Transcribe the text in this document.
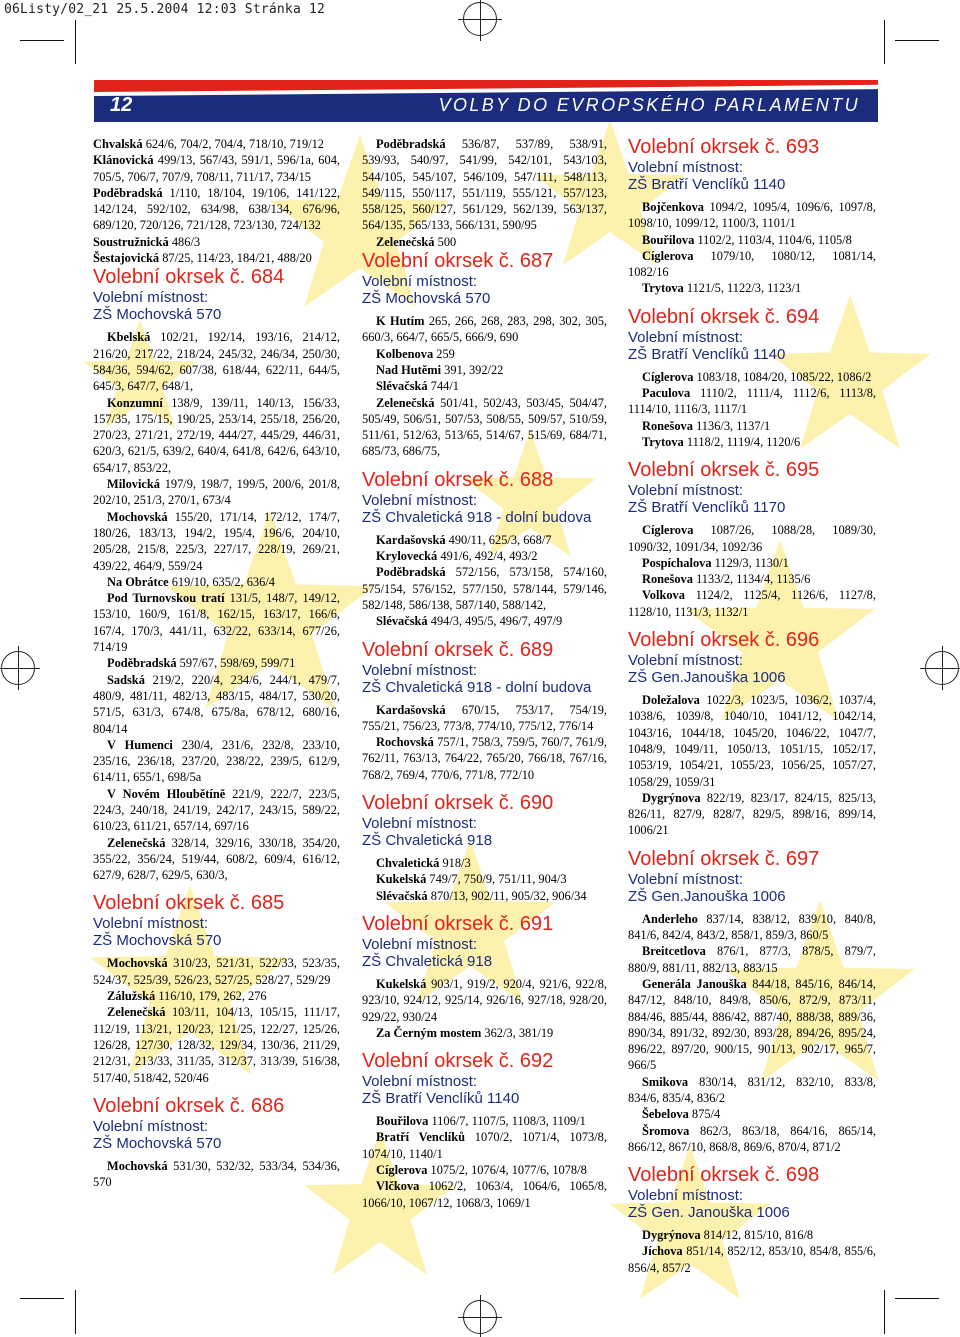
06Listy/02_21 25.5.2004 12:03 Stránka 12
12	VOLBY DO EVROPSKÉHO PARLAMENTU

Chvalská 624/6, 704/2, 704/4, 718/10, 719/12

Klánovická 499/13, 567/43, 591/1, 596/1a, 604, 705/5, 706/7, 707/9, 708/11, 711/17, 734/15

Poděbradská 1/110, 18/104, 19/106, 141/122, 142/124, 592/102, 634/98, 638/134, 676/96, 689/120, 720/126, 721/128, 723/130, 724/132

Soustružnická 486/3

Šestajovická 87/25, 114/23, 184/21, 488/20

Volební okrsek č. 684
Volební místnost:
ZŠ Mochovská 570

Kbelská 102/21, 192/14, 193/16, 214/12, 216/20, 217/22, 218/24, 245/32, 246/34, 250/30, 584/36, 594/62, 607/38, 618/44, 622/11, 644/5, 645/3, 647/7, 648/1,

Konzumní 138/9, 139/11, 140/13, 156/33, 157/35, 175/15, 190/25, 253/14, 255/18, 256/20, 270/23, 271/21, 272/19, 444/27, 445/29, 446/31, 620/3, 621/5, 639/2, 640/4, 641/8, 642/6, 643/10, 654/17, 853/22,

Milovická 197/9, 198/7, 199/5, 200/6, 201/8, 202/10, 251/3, 270/1, 673/4

Mochovská 155/20, 171/14, 172/12, 174/7, 180/26, 183/13, 194/2, 195/4, 196/6, 204/10, 205/28, 215/8, 225/3, 227/17, 228/19, 269/21, 439/22, 464/9, 559/24

Na Obrátce 619/10, 635/2, 636/4

Pod Turnovskou tratí 131/5, 148/7, 149/12, 153/10, 160/9, 161/8, 162/15, 163/17, 166/6, 167/4, 170/3, 441/11, 632/22, 633/14, 677/26, 714/19

Poděbradská 597/67, 598/69, 599/71

Sadská 219/2, 220/4, 234/6, 244/1, 479/7, 480/9, 481/11, 482/13, 483/15, 484/17, 530/20, 571/5, 631/3, 674/8, 675/8a, 678/12, 680/16, 804/14

V Humenci 230/4, 231/6, 232/8, 233/10, 235/16, 236/18, 237/20, 238/22, 239/5, 612/9, 614/11, 655/1, 698/5a

V Novém Hloubětíně 221/9, 222/7, 223/5, 224/3, 240/18, 241/19, 242/17, 243/15, 589/22, 610/23, 611/21, 657/14, 697/16

Zelenečská 328/14, 329/16, 330/18, 354/20, 355/22, 356/24, 519/44, 608/2, 609/4, 616/12, 627/9, 628/7, 629/5, 630/3,

Volební okrsek č. 685
Volební místnost:
ZŠ Mochovská 570

Mochovská 310/23, 521/31, 522/33, 523/35, 524/37, 525/39, 526/23, 527/25, 528/27, 529/29

Zálužská 116/10, 179, 262, 276

Zelenečská 103/11, 104/13, 105/15, 111/17, 112/19, 113/21, 120/23, 121/25, 122/27, 125/26, 126/28, 127/30, 128/32, 129/34, 130/36, 211/29, 212/31, 213/33, 311/35, 312/37, 313/39, 516/38, 517/40, 518/42, 520/46

Volební okrsek č. 686
Volební místnost:
ZŠ Mochovská 570

Mochovská 531/30, 532/32, 533/34, 534/36, 570

Poděbradská 536/87, 537/89, 538/91, 539/93, 540/97, 541/99, 542/101, 543/103, 544/105, 545/107, 546/109, 547/111, 548/113, 549/115, 550/117, 551/119, 555/121, 557/123, 558/125, 560/127, 561/129, 562/139, 563/137, 564/135, 565/133, 566/131, 590/95

Zelenečská 500

Volební okrsek č. 687
Volební místnost:
ZŠ Mochovská 570

K Hutím 265, 266, 268, 283, 298, 302, 305, 660/3, 664/7, 665/5, 666/9, 690

Kolbenova 259

Nad Hutěmi 391, 392/22

Slévačská 744/1

Zelenečská 501/41, 502/43, 503/45, 504/47, 505/49, 506/51, 507/53, 508/55, 509/57, 510/59, 511/61, 512/63, 513/65, 514/67, 515/69, 684/71, 685/73, 686/75,

Volební okrsek č. 688
Volební místnost:
ZŠ Chvaletická 918 - dolní budova

Kardašovská 490/11, 625/3, 668/7

Krylovecká 491/6, 492/4, 493/2

Poděbradská 572/156, 573/158, 574/160, 575/154, 576/152, 577/150, 578/144, 579/146, 582/148, 586/138, 587/140, 588/142,

Slévačská 494/3, 495/5, 496/7, 497/9

Volební okrsek č. 689
Volební místnost:
ZŠ Chvaletická 918 - dolní budova

Kardašovská 670/15, 753/17, 754/19, 755/21, 756/23, 773/8, 774/10, 775/12, 776/14

Rochovská 757/1, 758/3, 759/5, 760/7, 761/9, 762/11, 763/13, 764/22, 765/20, 766/18, 767/16, 768/2, 769/4, 770/6, 771/8, 772/10

Volební okrsek č. 690
Volební místnost:
ZŠ Chvaletická 918

Chvaletická 918/3

Kukelská 749/7, 750/9, 751/11, 904/3

Slévačská 870/13, 902/11, 905/32, 906/34

Volební okrsek č. 691
Volební místnost:
ZŠ Chvaletická 918

Kukelská 903/1, 919/2, 920/4, 921/6, 922/8, 923/10, 924/12, 925/14, 926/16, 927/18, 928/20, 929/22, 930/24

Za Černým mostem 362/3, 381/19

Volební okrsek č. 692
Volební místnost:
ZŠ Bratří Venclíků 1140

Bouřilova 1106/7, 1107/5, 1108/3, 1109/1

Bratří Venclíků 1070/2, 1071/4, 1073/8, 1074/10, 1140/1

Cíglerova 1075/2, 1076/4, 1077/6, 1078/8

Vlčkova 1062/2, 1063/4, 1064/6, 1065/8, 1066/10, 1067/12, 1068/3, 1069/1

Volební okrsek č. 693
Volební místnost:
ZŠ Bratří Venclíků 1140

Bojčenkova 1094/2, 1095/4, 1096/6, 1097/8, 1098/10, 1099/12, 1100/3, 1101/1

Bouřilova 1102/2, 1103/4, 1104/6, 1105/8

Cíglerova 1079/10, 1080/12, 1081/14, 1082/16

Trytova 1121/5, 1122/3, 1123/1

Volební okrsek č. 694
Volební místnost:
ZŠ Bratří Venclíků 1140

Cíglerova 1083/18, 1084/20, 1085/22, 1086/2

Paculova 1110/2, 1111/4, 1112/6, 1113/8, 1114/10, 1116/3, 1117/1

Ronešova 1136/3, 1137/1

Trytova 1118/2, 1119/4, 1120/6

Volební okrsek č. 695
Volební místnost:
ZŠ Bratří Venclíků 1170

Cíglerova 1087/26, 1088/28, 1089/30, 1090/32, 1091/34, 1092/36

Pospíchalova 1129/3, 1130/1

Ronešova 1133/2, 1134/4, 1135/6

Volkova 1124/2, 1125/4, 1126/6, 1127/8, 1128/10, 1131/3, 1132/1

Volební okrsek č. 696
Volební místnost:
ZŠ Gen.Janouška 1006

Doležalova 1022/3, 1023/5, 1036/2, 1037/4, 1038/6, 1039/8, 1040/10, 1041/12, 1042/14, 1043/16, 1044/18, 1045/20, 1046/22, 1047/7, 1048/9, 1049/11, 1050/13, 1051/15, 1052/17, 1053/19, 1054/21, 1055/23, 1056/25, 1057/27, 1058/29, 1059/31

Dygrýnova 822/19, 823/17, 824/15, 825/13, 826/11, 827/9, 828/7, 829/5, 898/16, 899/14, 1006/21

Volební okrsek č. 697
Volební místnost:
ZŠ Gen.Janouška 1006

Anderleho 837/14, 838/12, 839/10, 840/8, 841/6, 842/4, 843/2, 858/1, 859/3, 860/5

Breitcetlova 876/1, 877/3, 878/5, 879/7, 880/9, 881/11, 882/13, 883/15

Generála Janouška 844/18, 845/16, 846/14, 847/12, 848/10, 849/8, 850/6, 872/9, 873/11, 884/46, 885/44, 886/42, 887/40, 888/38, 889/36, 890/34, 891/32, 892/30, 893/28, 894/26, 895/24, 896/22, 897/20, 900/15, 901/13, 902/17, 965/7, 966/5

Smikova 830/14, 831/12, 832/10, 833/8, 834/6, 835/4, 836/2

Šebelova 875/4

Šromova 862/3, 863/18, 864/16, 865/14, 866/12, 867/10, 868/8, 869/6, 870/4, 871/2

Volební okrsek č. 698
Volební místnost:
ZŠ Gen. Janouška 1006

Dygrýnova 814/12, 815/10, 816/8

Jíchova 851/14, 852/12, 853/10, 854/8, 855/6, 856/4, 857/2
